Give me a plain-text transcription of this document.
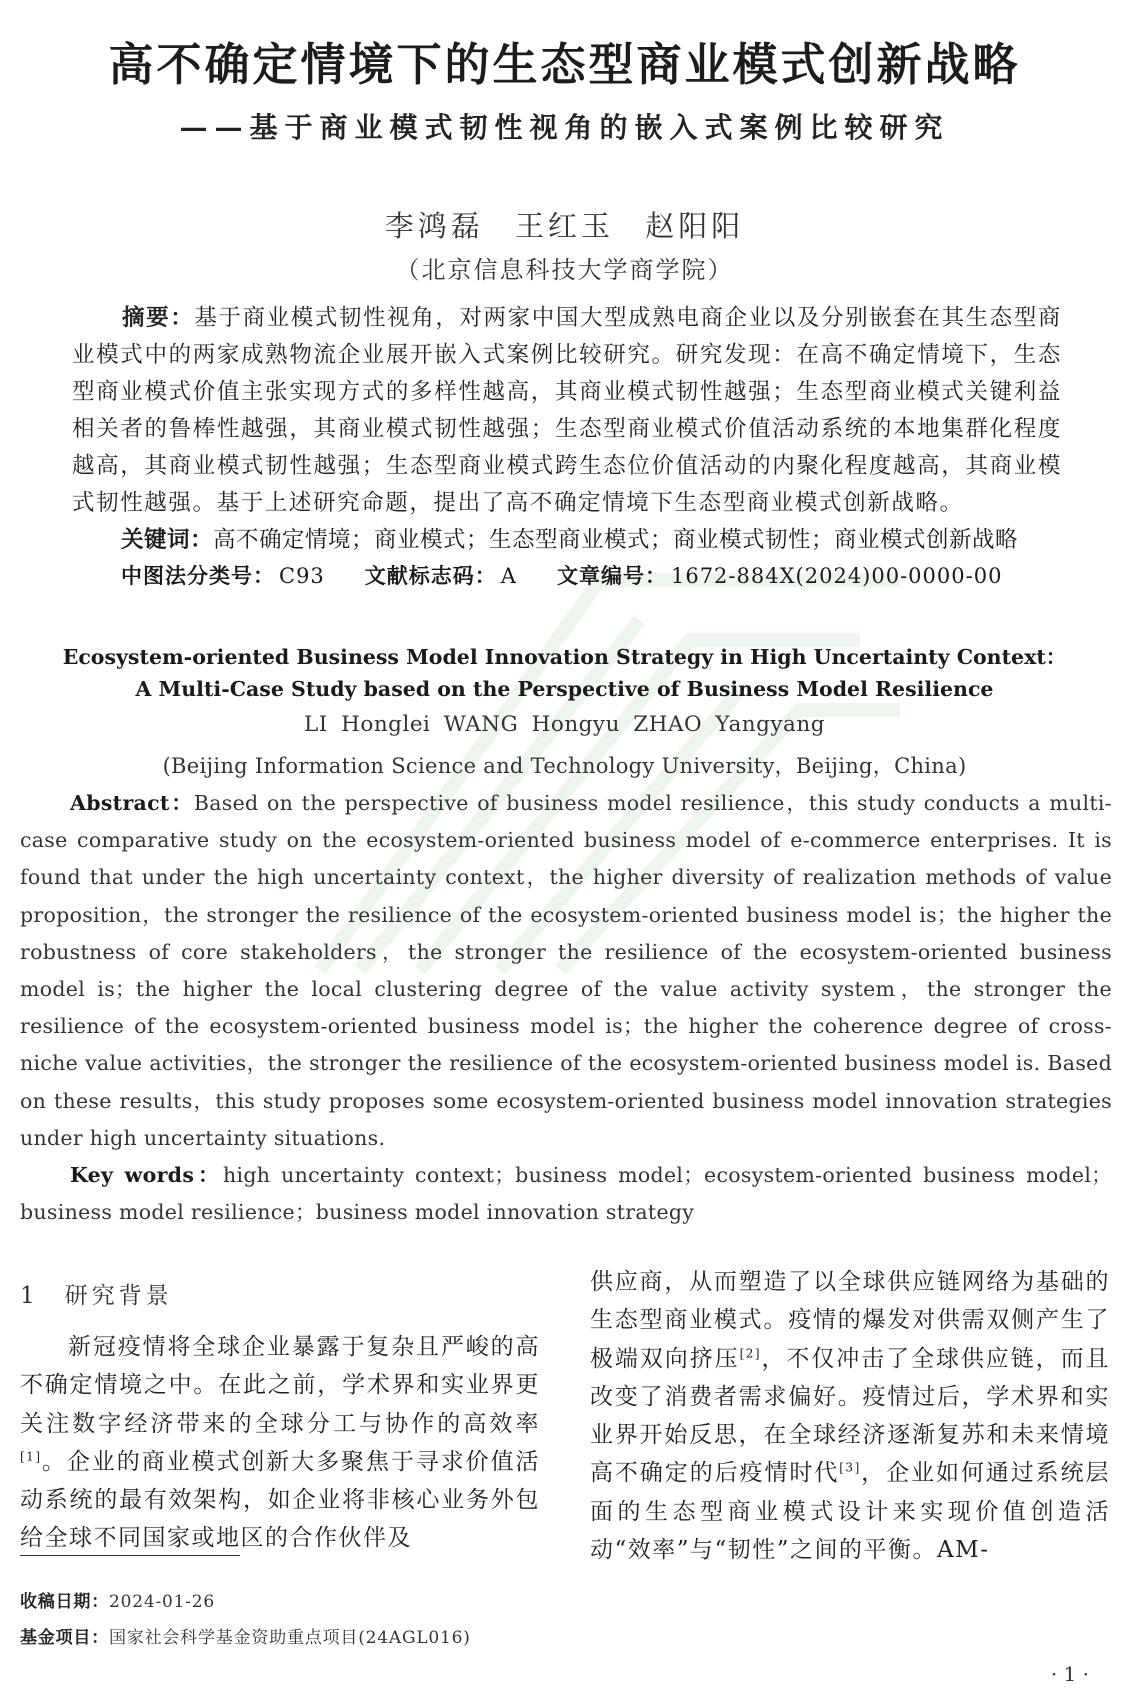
高不确定情境下的生态型商业模式创新战略
——基于商业模式韧性视角的嵌入式案例比较研究
李鸿磊 王红玉 赵阳阳
（北京信息科技大学商学院）
摘要：基于商业模式韧性视角，对两家中国大型成熟电商企业以及分别嵌套在其生态型商业模式中的两家成熟物流企业展开嵌入式案例比较研究。研究发现：在高不确定情境下，生态型商业模式价值主张实现方式的多样性越高，其商业模式韧性越强；生态型商业模式关键利益相关者的鲁棒性越强，其商业模式韧性越强；生态型商业模式价值活动系统的本地集群化程度越高，其商业模式韧性越强；生态型商业模式跨生态位价值活动的内聚化程度越高，其商业模式韧性越强。基于上述研究命题，提出了高不确定情境下生态型商业模式创新战略。
关键词：高不确定情境；商业模式；生态型商业模式；商业模式韧性；商业模式创新战略
中图法分类号： C93 文献标志码： A 文章编号： 1672-884X(2024)00-0000-00
Ecosystem-oriented Business Model Innovation Strategy in High Uncertainty Context：
A Multi-Case Study based on the Perspective of Business Model Resilience
LI Honglei WANG Hongyu ZHAO Yangyang
(Beijing Information Science and Technology University，Beijing，China)
Abstract：Based on the perspective of business model resilience，this study conducts a multi-case comparative study on the ecosystem-oriented business model of e-commerce enterprises. It is found that under the high uncertainty context，the higher diversity of realization methods of value proposition，the stronger the resilience of the ecosystem-oriented business model is；the higher the robustness of core stakeholders，the stronger the resilience of the ecosystem-oriented business model is；the higher the local clustering degree of the value activity system，the stronger the resilience of the ecosystem-oriented business model is；the higher the coherence degree of cross-niche value activities，the stronger the resilience of the ecosystem-oriented business model is. Based on these results，this study proposes some ecosystem-oriented business model innovation strategies under high uncertainty situations.
Key words：high uncertainty context；business model；ecosystem-oriented business model；business model resilience；business model innovation strategy
1 研究背景
新冠疫情将全球企业暴露于复杂且严峻的高不确定情境之中。在此之前，学术界和实业界更关注数字经济带来的全球分工与协作的高效率[1]。企业的商业模式创新大多聚焦于寻求价值活动系统的最有效架构，如企业将非核心业务外包给全球不同国家或地区的合作伙伴及
供应商，从而塑造了以全球供应链网络为基础的生态型商业模式。疫情的爆发对供需双侧产生了极端双向挤压[2]，不仅冲击了全球供应链，而且改变了消费者需求偏好。疫情过后，学术界和实业界开始反思，在全球经济逐渐复苏和未来情境高不确定的后疫情时代[3]，企业如何通过系统层面的生态型商业模式设计来实现价值创造活动“效率”与“韧性”之间的平衡。AM-
收稿日期：2024-01-26
基金项目：国家社会科学基金资助重点项目(24AGL016)
· 1 ·
